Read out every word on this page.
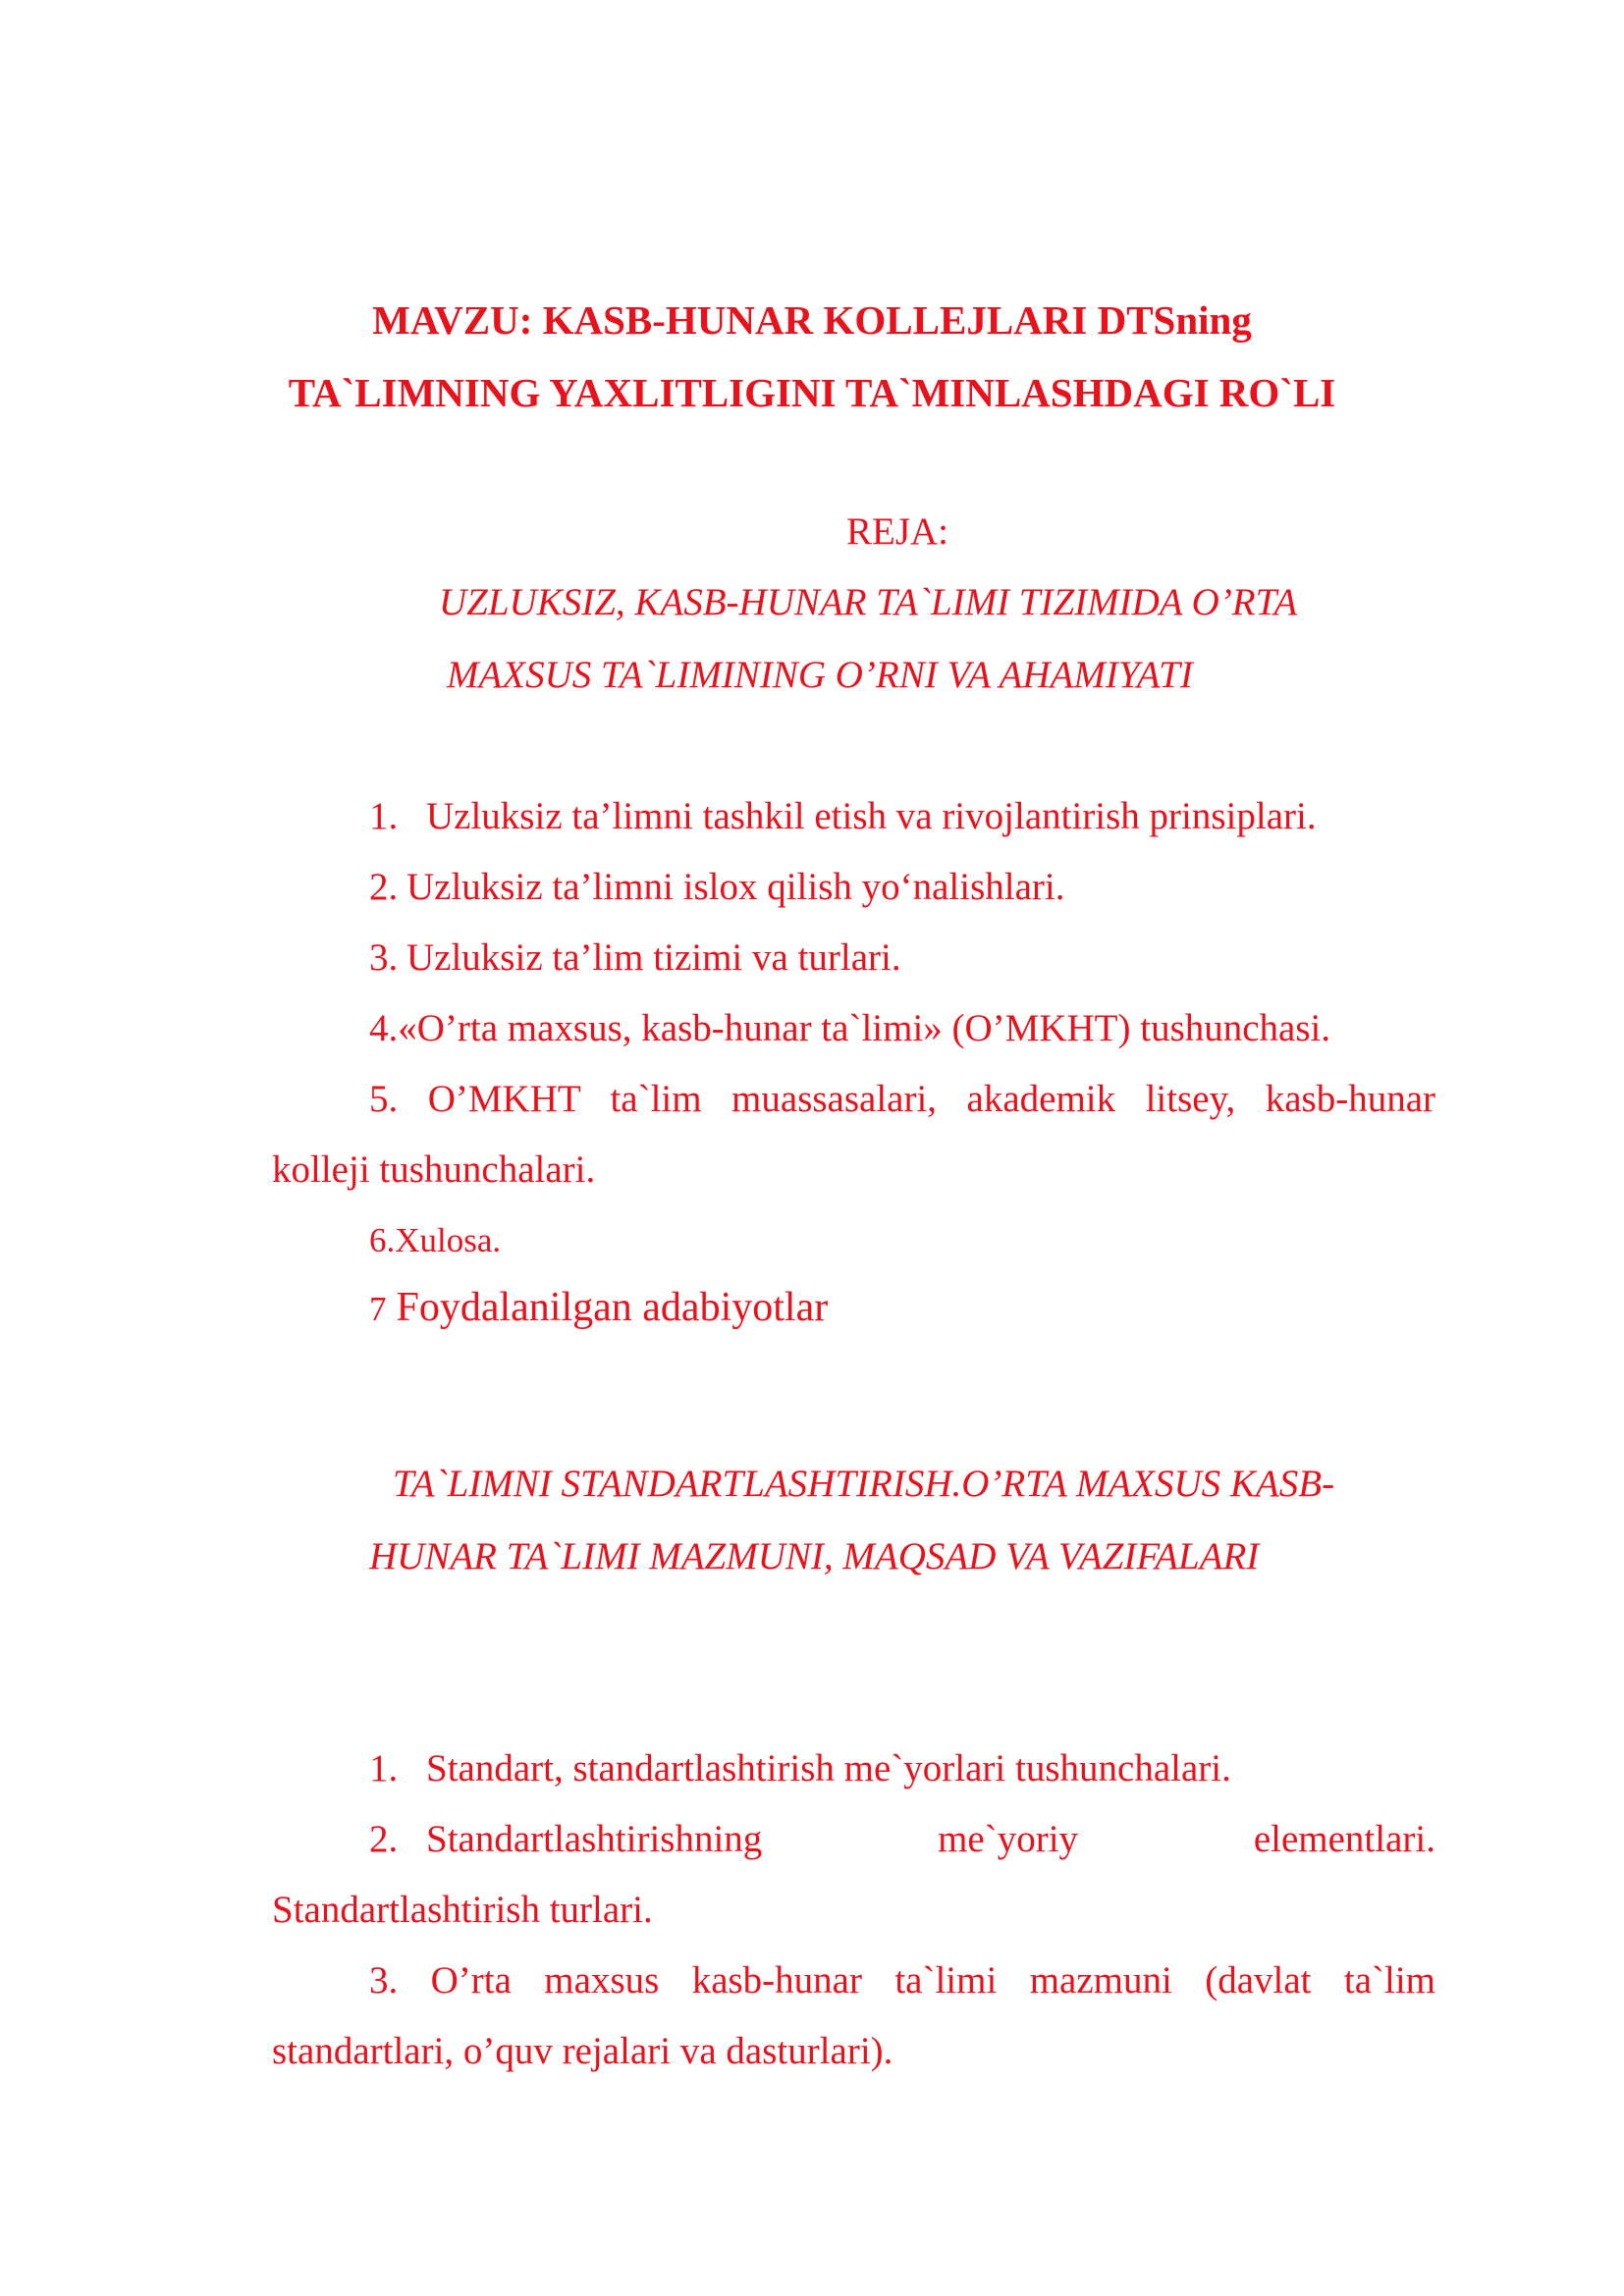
MAVZU: KASB-HUNAR KOLLEJLARI DTSning
TA`LIMNING YAXLITLIGINI TA`MINLASHDAGI RO`LI
REJA:
UZLUKSIZ, KASB-HUNAR TA`LIMI TIZIMIDA O’RTA
MAXSUS TA`LIMINING O’RNI VA AHAMIYATI
1. Uzluksiz ta’limni tashkil etish va rivojlantirish prinsiplari.
2. Uzluksiz ta’limni islox qilish yo‘nalishlari.
3. Uzluksiz ta’lim tizimi va turlari.
4.«O’rta maxsus, kasb-hunar ta`limi» (O’MKHT) tushunchasi.
5. O’MKHT ta`lim muassasalari, akademik litsey, kasb-hunar
kolleji tushunchalari.
6.Xulosa.
7 Foydalanilgan adabiyotlar
TA`LIMNI STANDARTLASHTIRISH.O’RTA MAXSUS KASB-
HUNAR TA`LIMI MAZMUNI, MAQSAD VA VAZIFALARI
1. Standart, standartlashtirish me`yorlari tushunchalari.
2. Standartlashtirishning me`yoriy elementlari.
Standartlashtirish turlari.
3. O’rta maxsus kasb-hunar ta`limi mazmuni (davlat ta`lim
standartlari, o’quv rejalari va dasturlari).
